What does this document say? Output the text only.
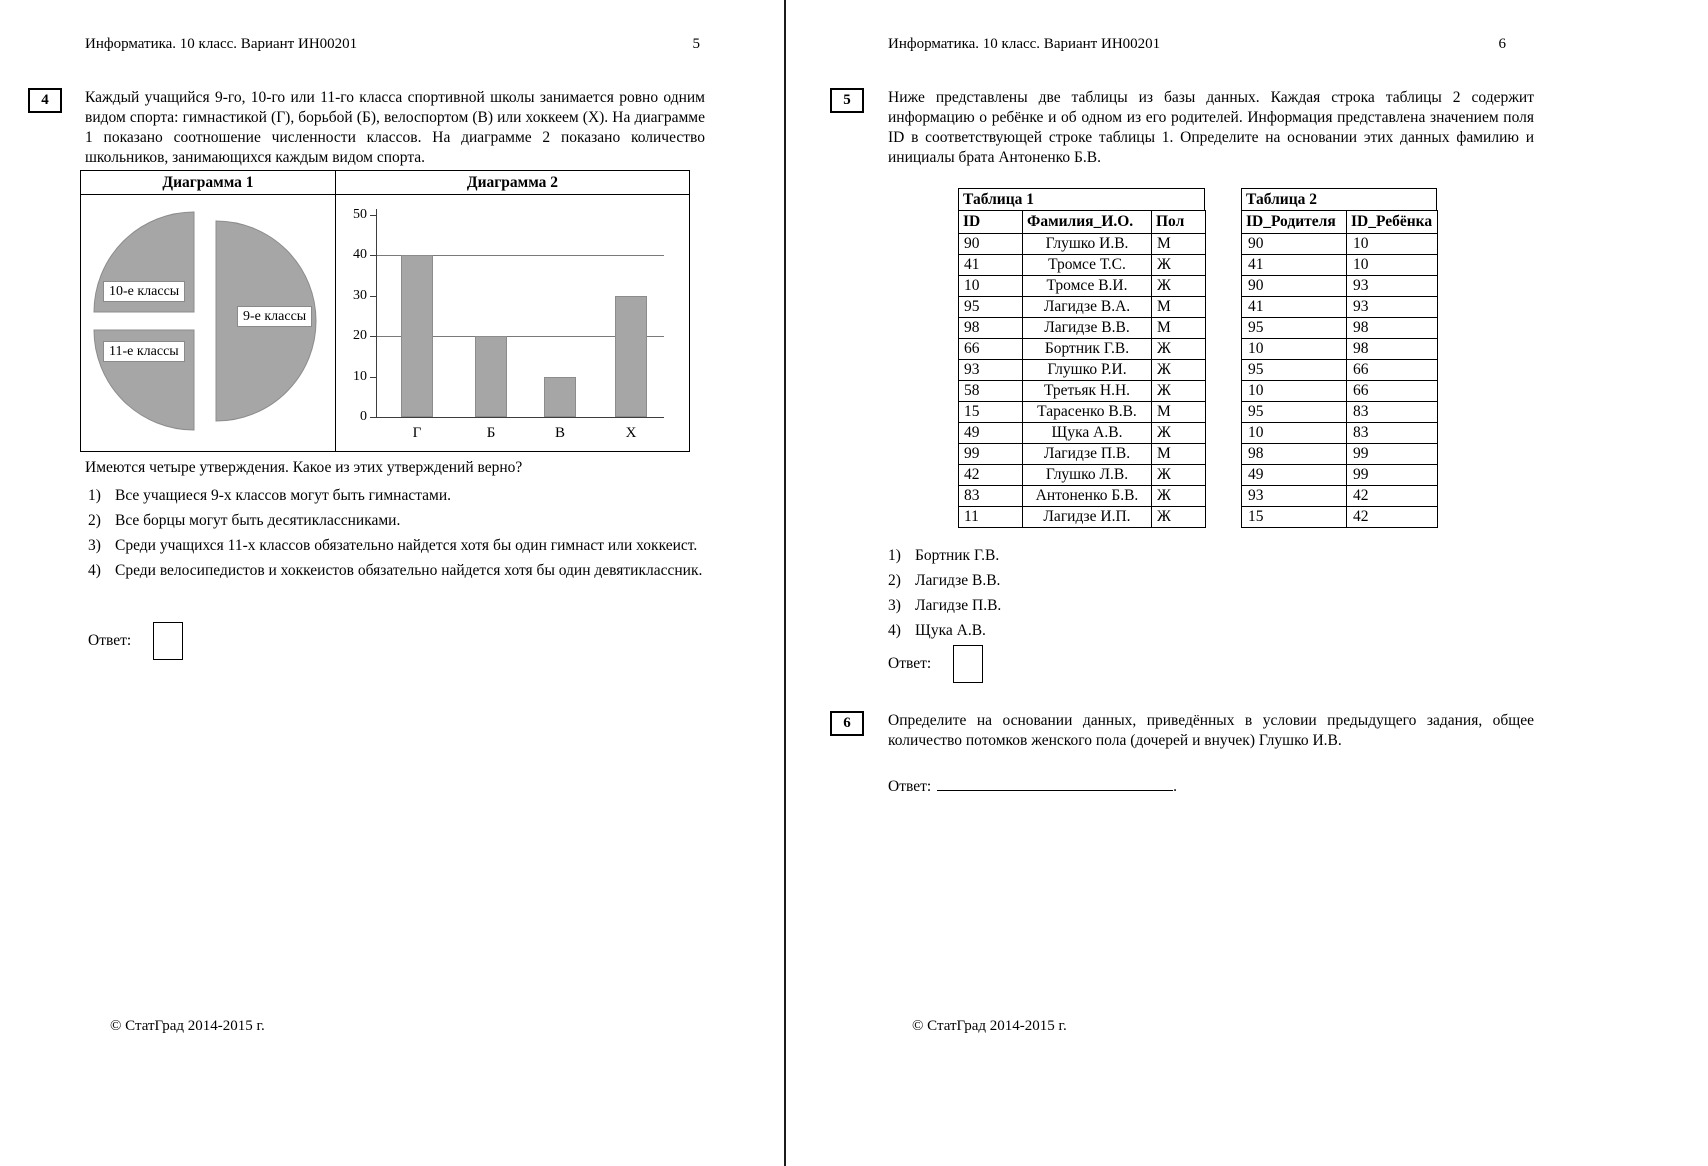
Информатика. 10 класс. Вариант ИН00201	5
4 Каждый учащийся 9-го, 10-го или 11-го класса спортивной школы занимается ровно одним видом спорта: гимнастикой (Г), борьбой (Б), велоспортом (В) или хоккеем (Х). На диаграмме 1 показано соотношение численности классов. На диаграмме 2 показано количество школьников, занимающихся каждым видом спорта.
Диаграмма 1
10-е классы
9-е классы
11-е классы
Диаграмма 2
0
10
20
30
40
50
Г	Б	В	Х
Имеются четыре утверждения. Какое из этих утверждений верно?
1) Все учащиеся 9-х классов могут быть гимнастами.
2) Все борцы могут быть десятиклассниками.
3) Среди учащихся 11-х классов обязательно найдется хотя бы один гимнаст или хоккеист.
4) Среди велосипедистов и хоккеистов обязательно найдется хотя бы один девятиклассник.
Ответ:
© СтатГрад 2014-2015 г.
Информатика. 10 класс. Вариант ИН00201	6
5 Ниже представлены две таблицы из базы данных. Каждая строка таблицы 2 содержит информацию о ребёнке и об одном из его родителей. Информация представлена значением поля ID в соответствующей строке таблицы 1. Определите на основании этих данных фамилию и инициалы брата Антоненко Б.В.
Таблица 1
ID	Фамилия_И.О.	Пол
90	Глушко И.В.	М
41	Тромсе Т.С.	Ж
10	Тромсе В.И.	Ж
95	Лагидзе В.А.	М
98	Лагидзе В.В.	М
66	Бортник Г.В.	Ж
93	Глушко Р.И.	Ж
58	Третьяк Н.Н.	Ж
15	Тарасенко В.В.	М
49	Щука А.В.	Ж
99	Лагидзе П.В.	М
42	Глушко Л.В.	Ж
83	Антоненко Б.В.	Ж
11	Лагидзе И.П.	Ж
Таблица 2
ID_Родителя	ID_Ребёнка
90	10
41	10
90	93
41	93
95	98
10	98
95	66
10	66
95	83
10	83
98	99
49	99
93	42
15	42
1) Бортник Г.В.
2) Лагидзе В.В.
3) Лагидзе П.В.
4) Щука А.В.
Ответ:
6 Определите на основании данных, приведённых в условии предыдущего задания, общее количество потомков женского пола (дочерей и внучек) Глушко И.В.
Ответ:	.
© СтатГрад 2014-2015 г.
